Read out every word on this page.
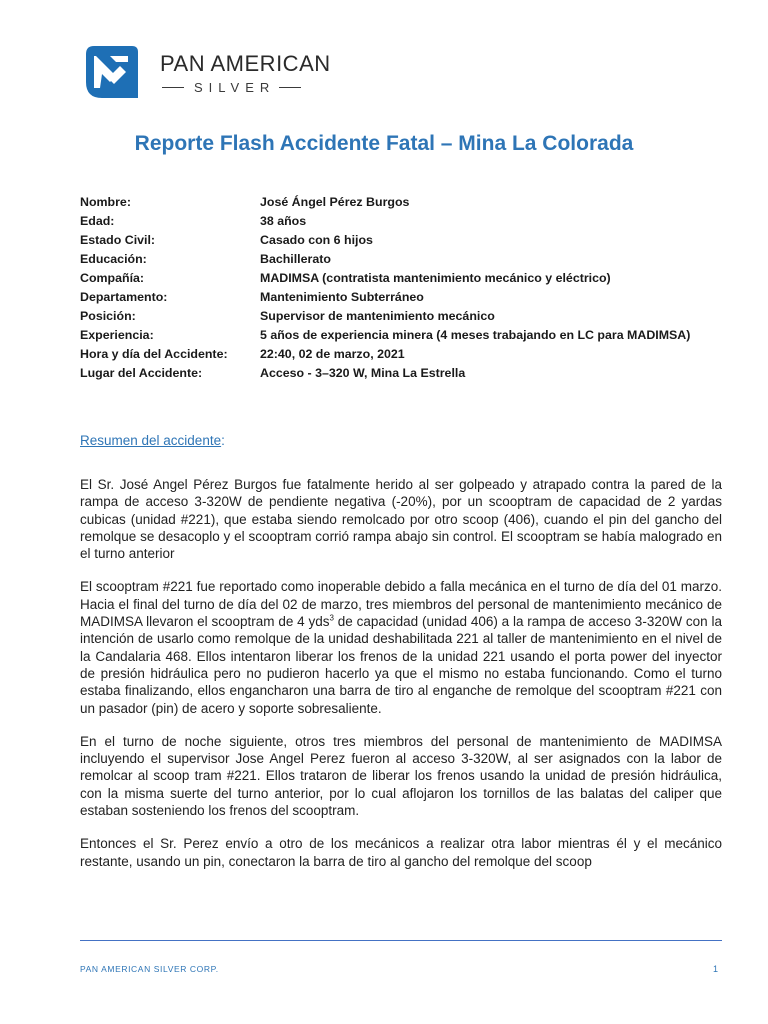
PAN AMERICAN
SILVER
Reporte Flash Accidente Fatal – Mina La Colorada
Nombre:	José Ángel Pérez Burgos
Edad:	38 años
Estado Civil:	Casado con 6 hijos
Educación:	Bachillerato
Compañía:	MADIMSA (contratista mantenimiento mecánico y eléctrico)
Departamento:	Mantenimiento Subterráneo
Posición:	Supervisor de mantenimiento mecánico
Experiencia:	5 años de experiencia minera (4 meses trabajando en LC para MADIMSA)
Hora y día del Accidente:	22:40, 02 de marzo, 2021
Lugar del Accidente:	Acceso - 3–320 W, Mina La Estrella
Resumen del accidente:

El Sr. José Angel Pérez Burgos fue fatalmente herido al ser golpeado y atrapado contra la pared de la rampa de acceso 3-320W de pendiente negativa (-20%), por un scooptram de capacidad de 2 yardas cubicas (unidad #221), que estaba siendo remolcado por otro scoop (406), cuando el pin del gancho del remolque se desacoplo y el scooptram corrió rampa abajo sin control. El scooptram se había malogrado en el turno anterior

El scooptram #221 fue reportado como inoperable debido a falla mecánica en el turno de día del 01 marzo. Hacia el final del turno de día del 02 de marzo, tres miembros del personal de mantenimiento mecánico de MADIMSA llevaron el scooptram de 4 yds$^3$ de capacidad (unidad 406) a la rampa de acceso 3-320W con la intención de usarlo como remolque de la unidad deshabilitada 221 al taller de mantenimiento en el nivel de la Candalaria 468. Ellos intentaron liberar los frenos de la unidad 221 usando el porta power del inyector de presión hidráulica pero no pudieron hacerlo ya que el mismo no estaba funcionando. Como el turno estaba finalizando, ellos engancharon una barra de tiro al enganche de remolque del scooptram #221 con un pasador (pin) de acero y soporte sobresaliente.

En el turno de noche siguiente, otros tres miembros del personal de mantenimiento de MADIMSA incluyendo el supervisor Jose Angel Perez fueron al acceso 3-320W, al ser asignados con la labor de remolcar al scoop tram #221. Ellos trataron de liberar los frenos usando la unidad de presión hidráulica, con la misma suerte del turno anterior, por lo cual aflojaron los tornillos de las balatas del caliper que estaban sosteniendo los frenos del scooptram.

Entonces el Sr. Perez envío a otro de los mecánicos a realizar otra labor mientras él y el mecánico restante, usando un pin, conectaron la barra de tiro al gancho del remolque del scoop

PAN AMERICAN SILVER CORP.	1
